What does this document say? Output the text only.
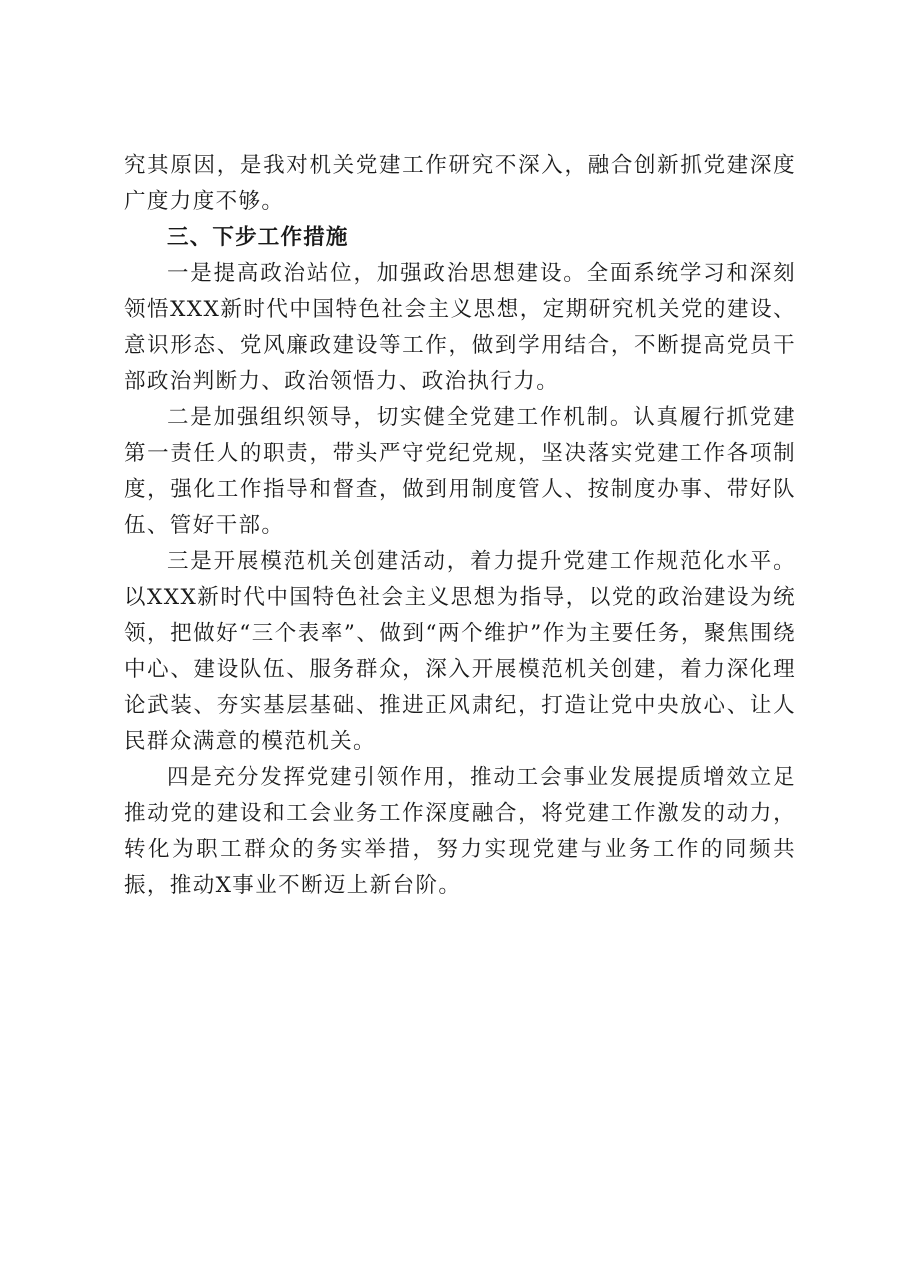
究其原因，是我对机关党建工作研究不深入，融合创新抓党建深度广度力度不够。

三、下步工作措施

一是提高政治站位，加强政治思想建设。全面系统学习和深刻领悟XXX新时代中国特色社会主义思想，定期研究机关党的建设、意识形态、党风廉政建设等工作，做到学用结合，不断提高党员干部政治判断力、政治领悟力、政治执行力。

二是加强组织领导，切实健全党建工作机制。认真履行抓党建第一责任人的职责，带头严守党纪党规，坚决落实党建工作各项制度，强化工作指导和督查，做到用制度管人、按制度办事、带好队伍、管好干部。

三是开展模范机关创建活动，着力提升党建工作规范化水平。以XXX新时代中国特色社会主义思想为指导，以党的政治建设为统领，把做好“三个表率”、做到“两个维护”作为主要任务，聚焦围绕中心、建设队伍、服务群众，深入开展模范机关创建，着力深化理论武装、夯实基层基础、推进正风肃纪，打造让党中央放心、让人民群众满意的模范机关。

四是充分发挥党建引领作用，推动工会事业发展提质增效立足推动党的建设和工会业务工作深度融合，将党建工作激发的动力，转化为职工群众的务实举措，努力实现党建与业务工作的同频共振，推动X事业不断迈上新台阶。
